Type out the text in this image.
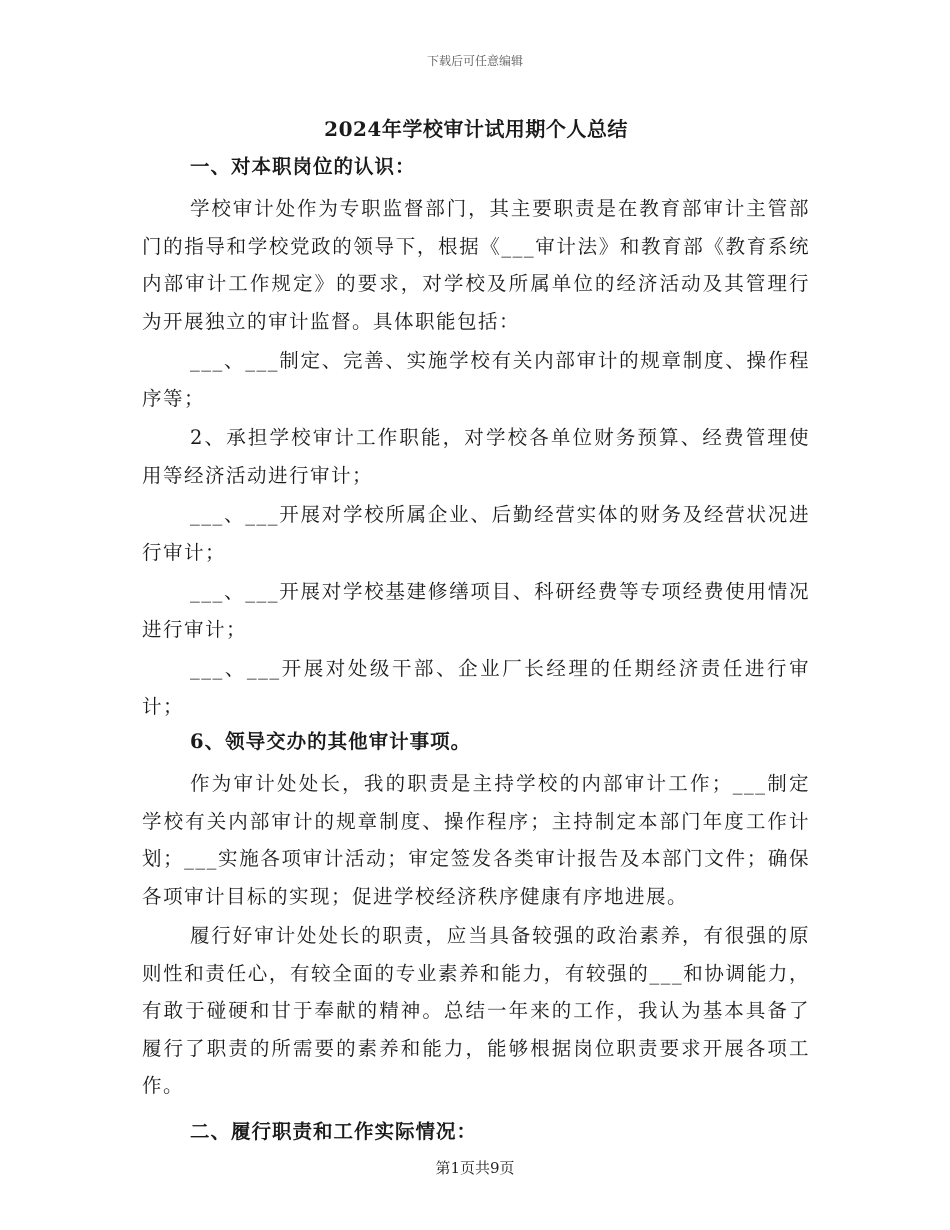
下载后可任意编辑
2024年学校审计试用期个人总结
一、对本职岗位的认识：
学校审计处作为专职监督部门，其主要职责是在教育部审计主管部门的指导和学校党政的领导下，根据《___审计法》和教育部《教育系统内部审计工作规定》的要求，对学校及所属单位的经济活动及其管理行为开展独立的审计监督。具体职能包括：
___、___制定、完善、实施学校有关内部审计的规章制度、操作程序等；
2、承担学校审计工作职能，对学校各单位财务预算、经费管理使用等经济活动进行审计；
___、___开展对学校所属企业、后勤经营实体的财务及经营状况进行审计；
___、___开展对学校基建修缮项目、科研经费等专项经费使用情况进行审计；
___、___开展对处级干部、企业厂长经理的任期经济责任进行审计；
6、领导交办的其他审计事项。
作为审计处处长，我的职责是主持学校的内部审计工作；___制定学校有关内部审计的规章制度、操作程序；主持制定本部门年度工作计划；___实施各项审计活动；审定签发各类审计报告及本部门文件；确保各项审计目标的实现；促进学校经济秩序健康有序地进展。
履行好审计处处长的职责，应当具备较强的政治素养，有很强的原则性和责任心，有较全面的专业素养和能力，有较强的___和协调能力，有敢于碰硬和甘于奉献的精神。总结一年来的工作，我认为基本具备了履行了职责的所需要的素养和能力，能够根据岗位职责要求开展各项工作。
二、履行职责和工作实际情况：
第1页共9页
